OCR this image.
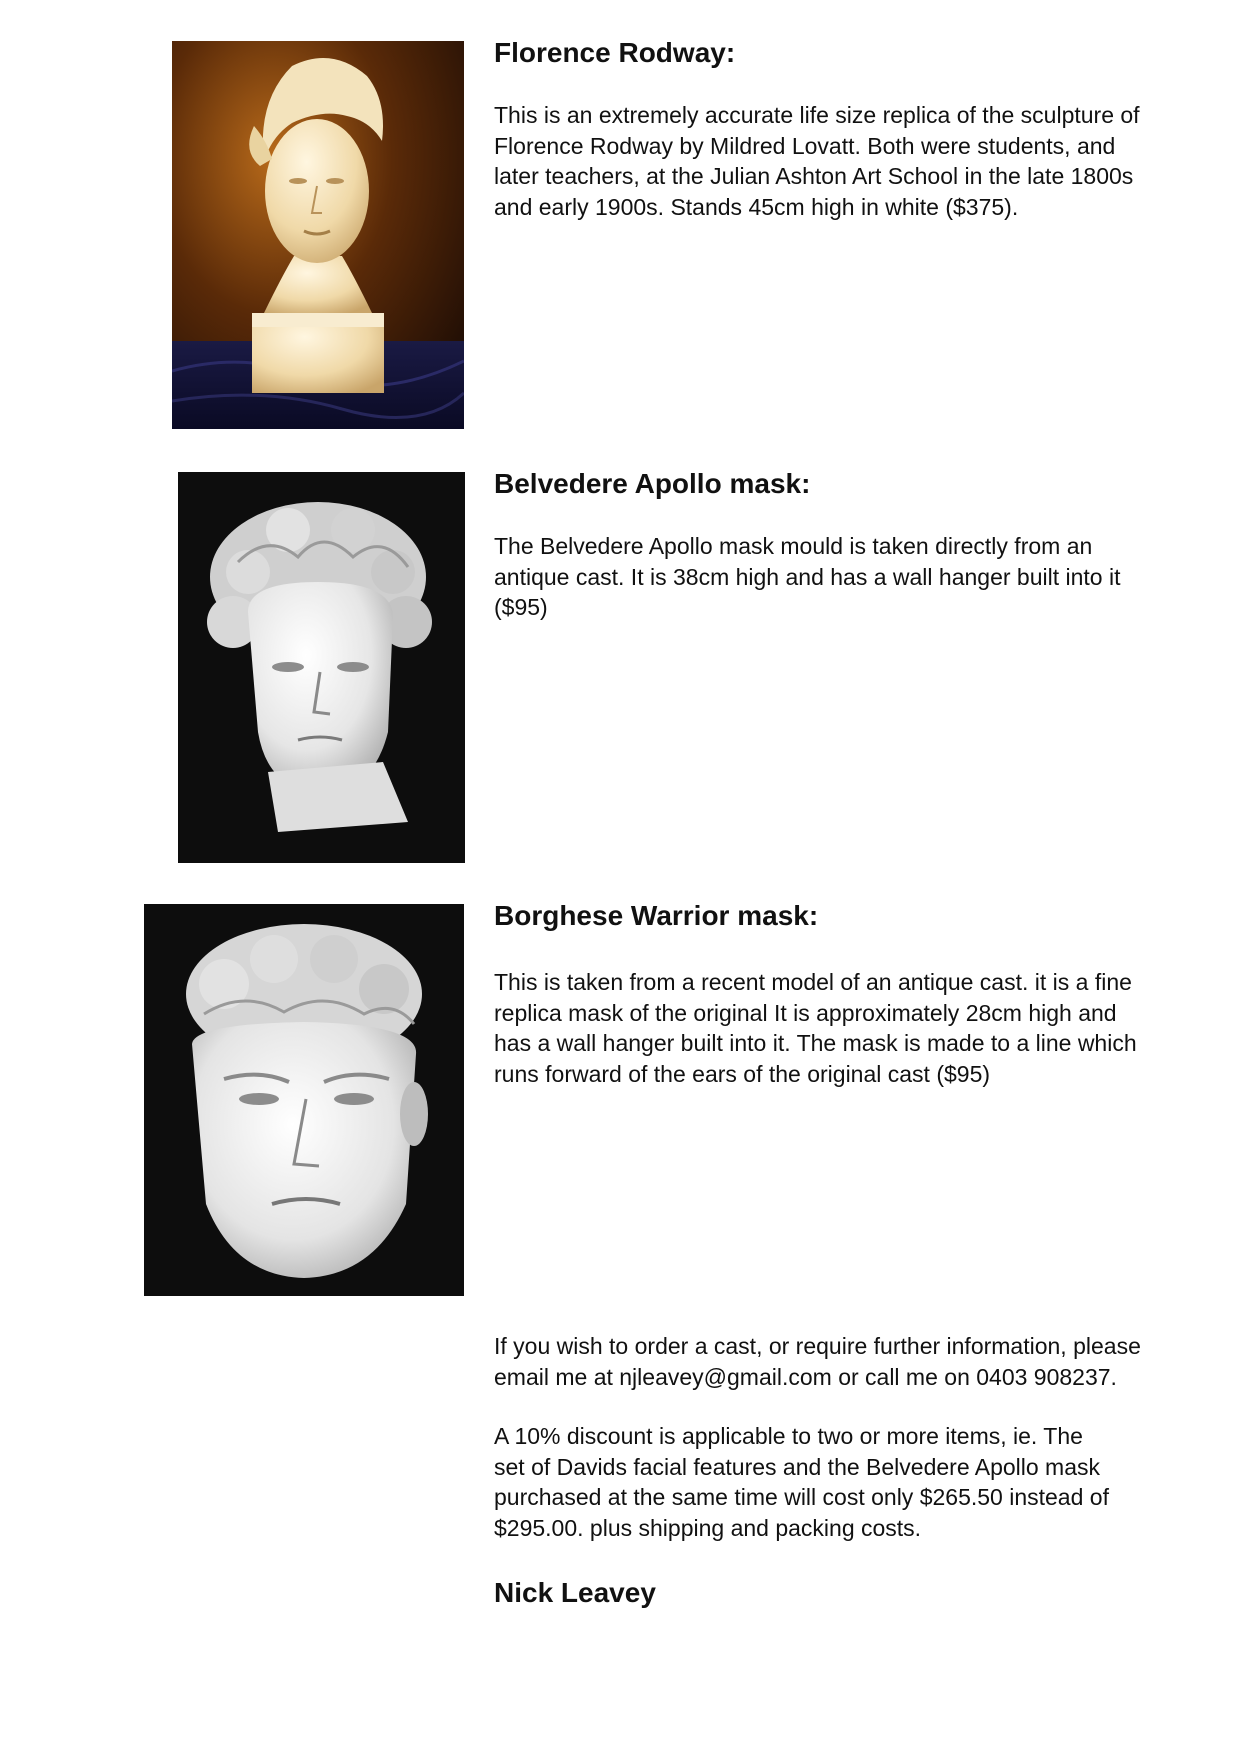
Florence Rodway:

This is an extremely accurate life size replica of the sculpture of
Florence Rodway by Mildred Lovatt. Both were students, and
later teachers, at the Julian Ashton Art School in the late 1800s
and early 1900s. Stands 45cm high in white ($375).

Belvedere Apollo mask:

The Belvedere Apollo mask mould is taken directly from an
antique cast. It is 38cm high and has a wall hanger built into it
($95)

Borghese Warrior mask:

This is taken from a recent model of an antique cast. it is a fine
replica mask of the original It is approximately 28cm high and
has a wall hanger built into it. The mask is made to a line which
runs forward of the ears of the original cast ($95)

If you wish to order a cast, or require further information, please
email me at njleavey@gmail.com or call me on 0403 908237.

A 10% discount is applicable to two or more items, ie. The
set of Davids facial features and the Belvedere Apollo mask
purchased at the same time will cost only $265.50 instead of
$295.00. plus shipping and packing costs.

Nick Leavey
